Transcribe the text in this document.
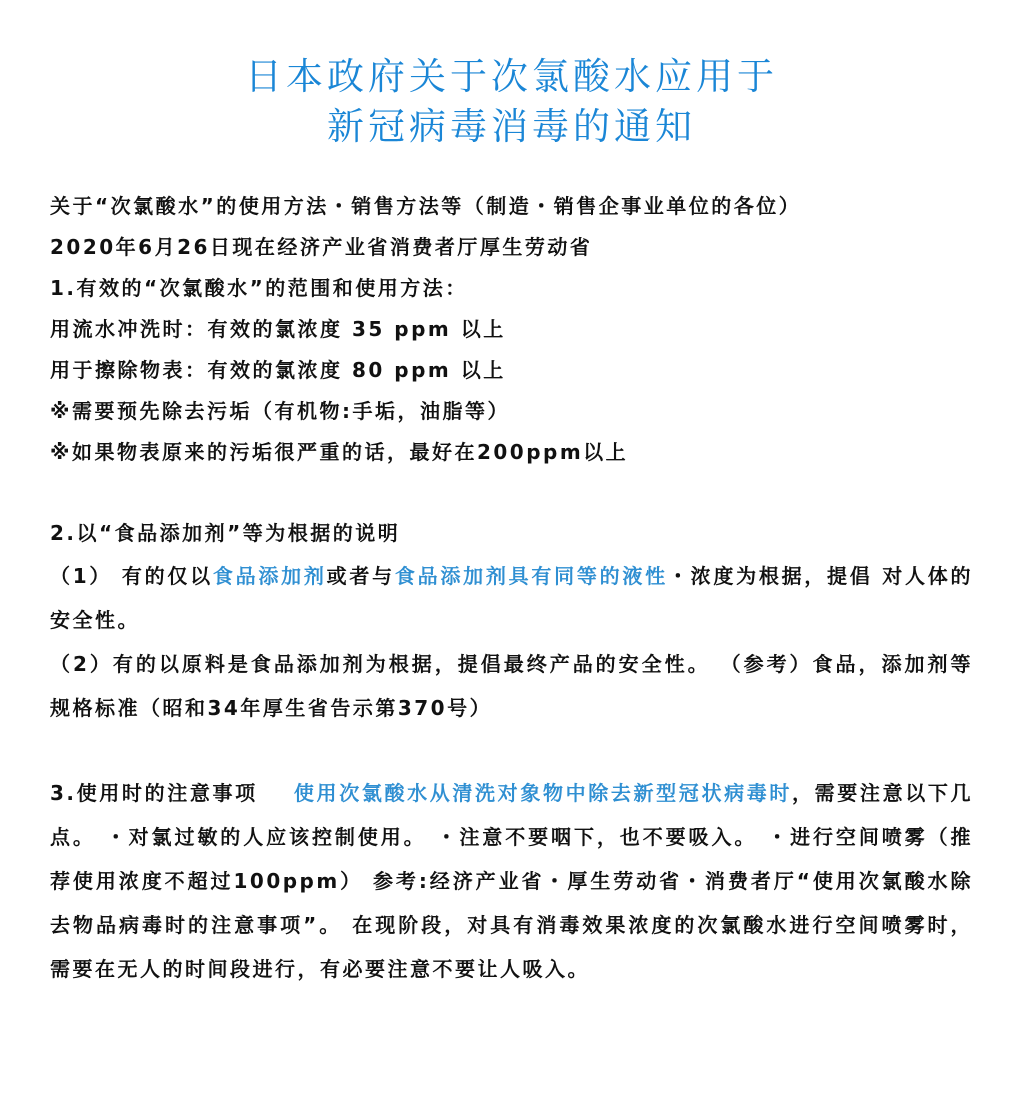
日本政府关于次氯酸水应用于
新冠病毒消毒的通知
关于“次氯酸水”的使用方法・销售方法等（制造・销售企事业单位的各位）
2020年6月26日现在经济产业省消费者厅厚生劳动省
1.有效的“次氯酸水”的范围和使用方法：
用流水冲洗时：有效的氯浓度 35 ppm 以上
用于擦除物表：有效的氯浓度 80 ppm 以上
※需要预先除去污垢（有机物:手垢，油脂等）
※如果物表原来的污垢很严重的话，最好在200ppm以上
2.以“食品添加剂”等为根据的说明
（1） 有的仅以食品添加剂或者与食品添加剂具有同等的液性・浓度为根据，提倡 对人体的安全性。
（2）有的以原料是食品添加剂为根据，提倡最终产品的安全性。 （参考）食品，添加剂等规格标准（昭和34年厚生省告示第370号）
3.使用时的注意事项 使用次氯酸水从清洗对象物中除去新型冠状病毒时，需要注意以下几点。 ・对氯过敏的人应该控制使用。 ・注意不要咽下，也不要吸入。 ・进行空间喷雾（推荐使用浓度不超过100ppm） 参考:经济产业省・厚生劳动省・消费者厅“使用次氯酸水除去物品病毒时的注意事项”。 在现阶段，对具有消毒效果浓度的次氯酸水进行空间喷雾时，需要在无人的时间段进行，有必要注意不要让人吸入。
